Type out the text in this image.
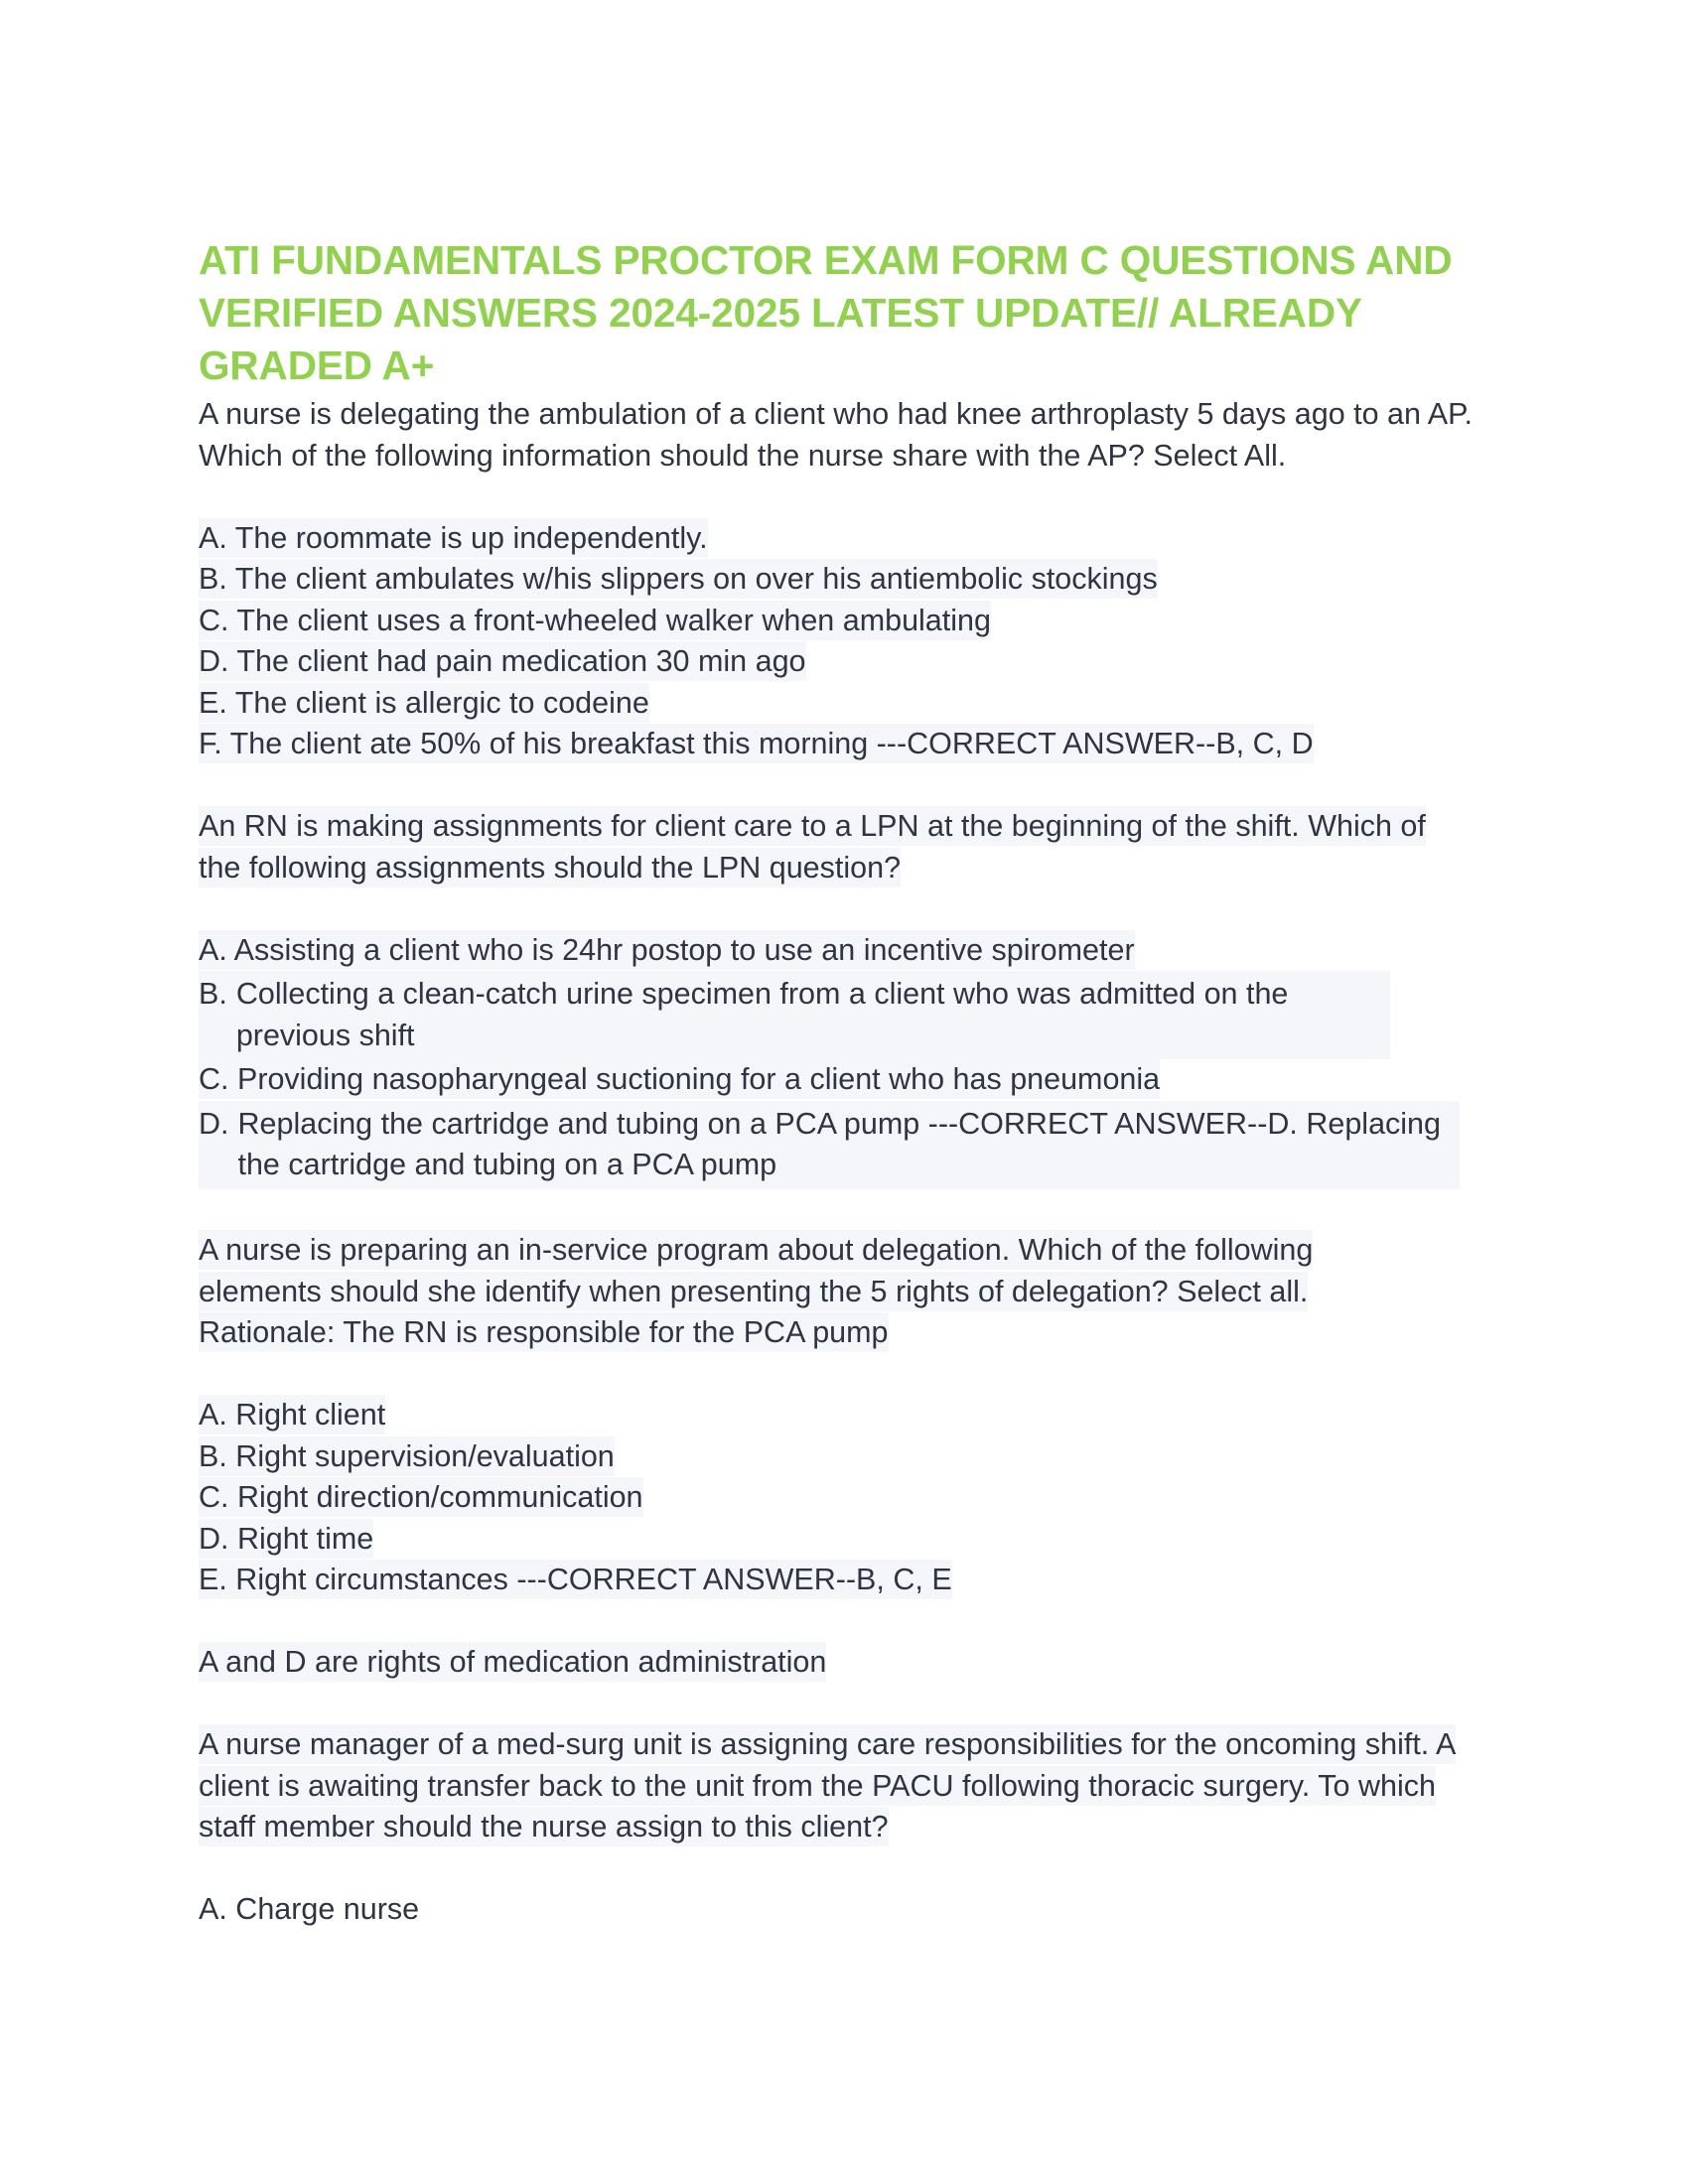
ATI FUNDAMENTALS PROCTOR EXAM FORM C QUESTIONS AND VERIFIED ANSWERS 2024-2025 LATEST UPDATE// ALREADY GRADED A+

A nurse is delegating the ambulation of a client who had knee arthroplasty 5 days ago to an AP. Which of the following information should the nurse share with the AP? Select All.

A. The roommate is up independently.
B. The client ambulates w/his slippers on over his antiembolic stockings
C. The client uses a front-wheeled walker when ambulating
D. The client had pain medication 30 min ago
E. The client is allergic to codeine
F. The client ate 50% of his breakfast this morning ---CORRECT ANSWER--B, C, D

An RN is making assignments for client care to a LPN at the beginning of the shift. Which of the following assignments should the LPN question?

A. Assisting a client who is 24hr postop to use an incentive spirometer
B. Collecting a clean-catch urine specimen from a client who was admitted on the previous shift
C. Providing nasopharyngeal suctioning for a client who has pneumonia
D. Replacing the cartridge and tubing on a PCA pump ---CORRECT ANSWER--D. Replacing the cartridge and tubing on a PCA pump

A nurse is preparing an in-service program about delegation. Which of the following elements should she identify when presenting the 5 rights of delegation? Select all. Rationale: The RN is responsible for the PCA pump

A. Right client
B. Right supervision/evaluation
C. Right direction/communication
D. Right time
E. Right circumstances ---CORRECT ANSWER--B, C, E

A and D are rights of medication administration

A nurse manager of a med-surg unit is assigning care responsibilities for the oncoming shift. A client is awaiting transfer back to the unit from the PACU following thoracic surgery. To which staff member should the nurse assign to this client?

A. Charge nurse
